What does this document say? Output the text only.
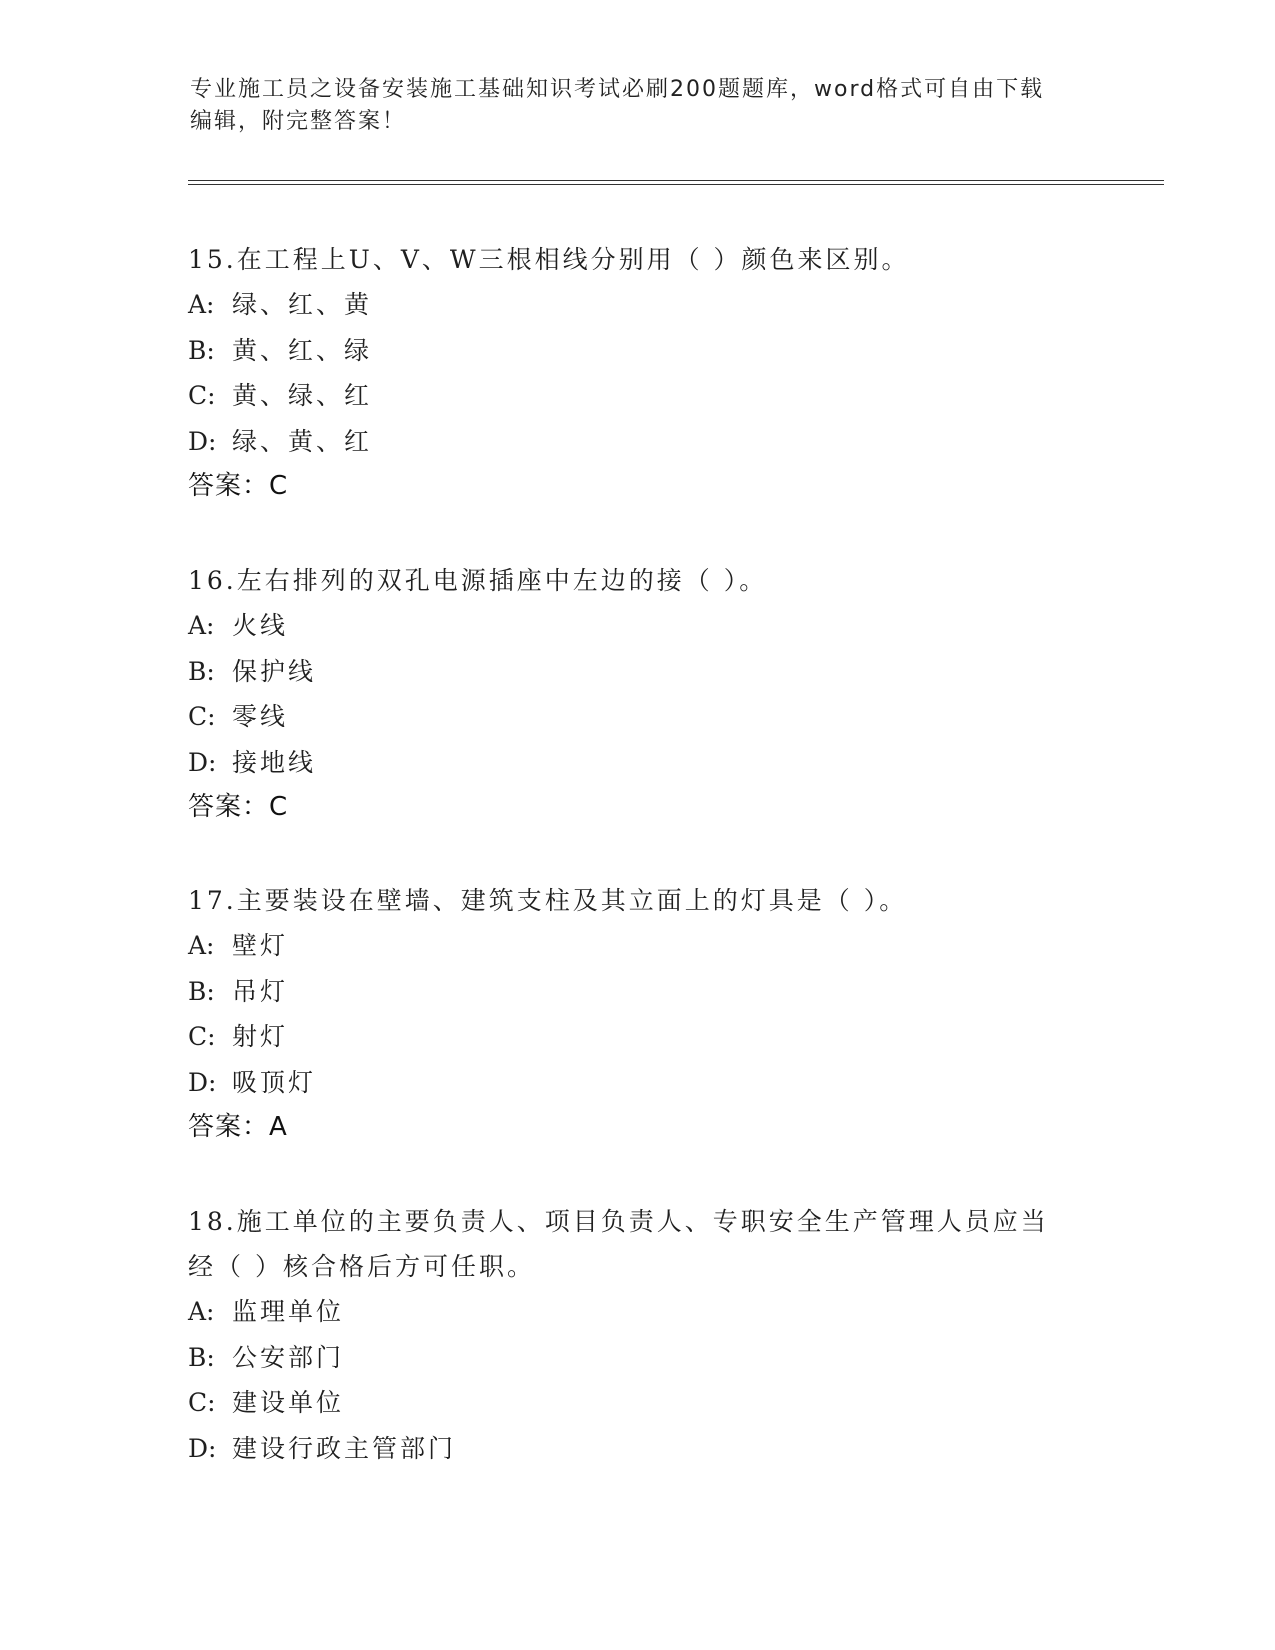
专业施工员之设备安装施工基础知识考试必刷200题题库，word格式可自由下载
编辑，附完整答案！

15.在工程上U、V、W三根相线分别用（ ）颜色来区别。

A: 绿、红、黄

B: 黄、红、绿

C: 黄、绿、红

D: 绿、黄、红

答案：C

16.左右排列的双孔电源插座中左边的接（ ）。

A: 火线

B: 保护线

C: 零线

D: 接地线

答案：C

17.主要装设在壁墙、建筑支柱及其立面上的灯具是（ ）。

A: 壁灯

B: 吊灯

C: 射灯

D: 吸顶灯

答案：A

18.施工单位的主要负责人、项目负责人、专职安全生产管理人员应当

经（ ）核合格后方可任职。

A: 监理单位

B: 公安部门

C: 建设单位

D: 建设行政主管部门
